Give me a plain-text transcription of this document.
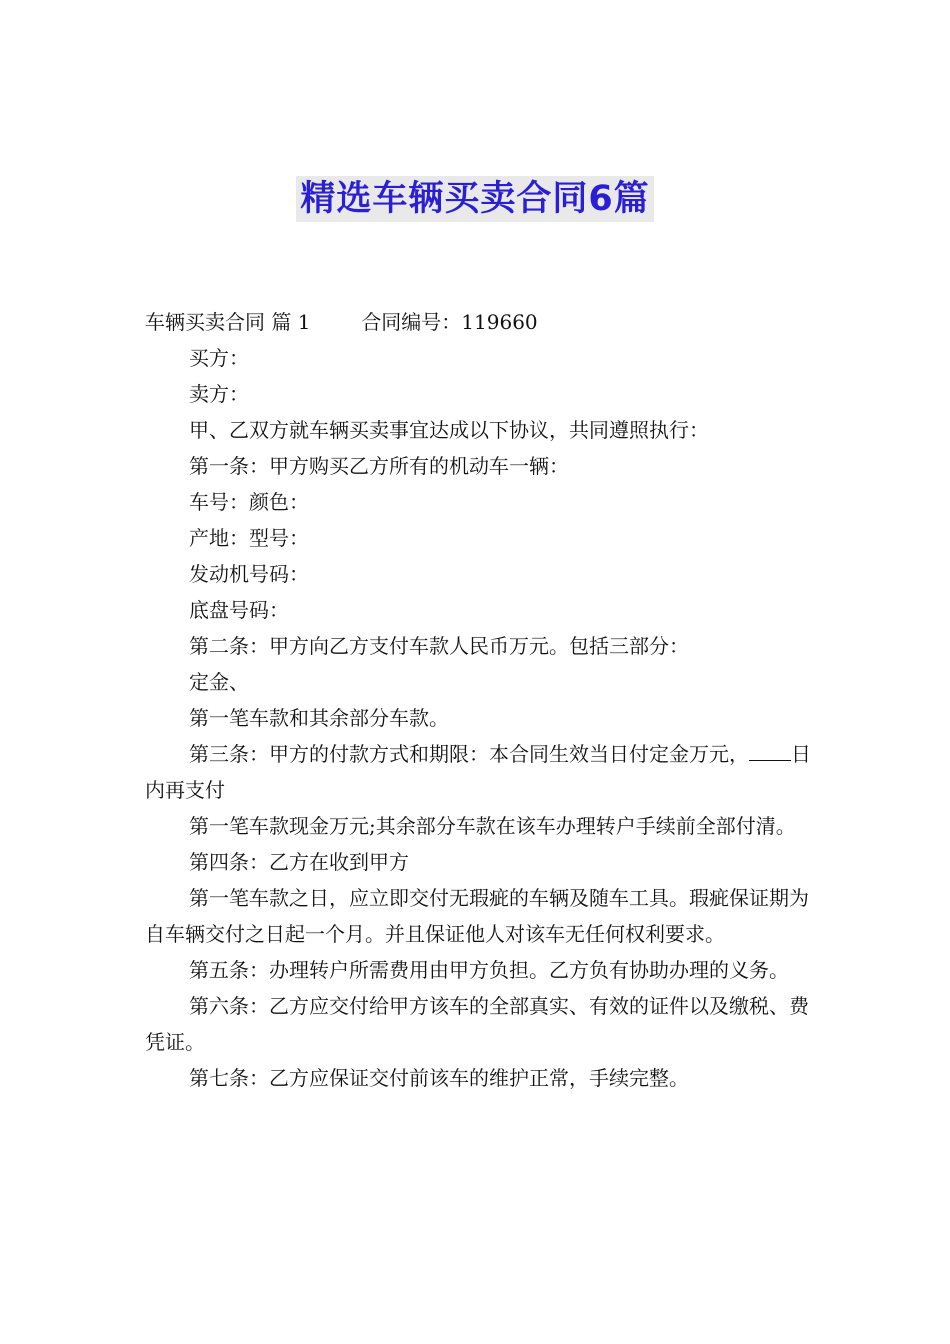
精选车辆买卖合同6篇

车辆买卖合同 篇 1	合同编号：119660

买方：

卖方：

甲、乙双方就车辆买卖事宜达成以下协议，共同遵照执行：

第一条：甲方购买乙方所有的机动车一辆：

车号：颜色：

产地：型号：

发动机号码：

底盘号码：

第二条：甲方向乙方支付车款人民币万元。包括三部分：

定金、

第一笔车款和其余部分车款。

第三条：甲方的付款方式和期限：本合同生效当日付定金万元， 日内再支付

第一笔车款现金万元;其余部分车款在该车办理转户手续前全部付清。

第四条：乙方在收到甲方

第一笔车款之日，应立即交付无瑕疵的车辆及随车工具。瑕疵保证期为自车辆交付之日起一个月。并且保证他人对该车无任何权利要求。

第五条：办理转户所需费用由甲方负担。乙方负有协助办理的义务。

第六条：乙方应交付给甲方该车的全部真实、有效的证件以及缴税、费凭证。

第七条：乙方应保证交付前该车的维护正常，手续完整。
